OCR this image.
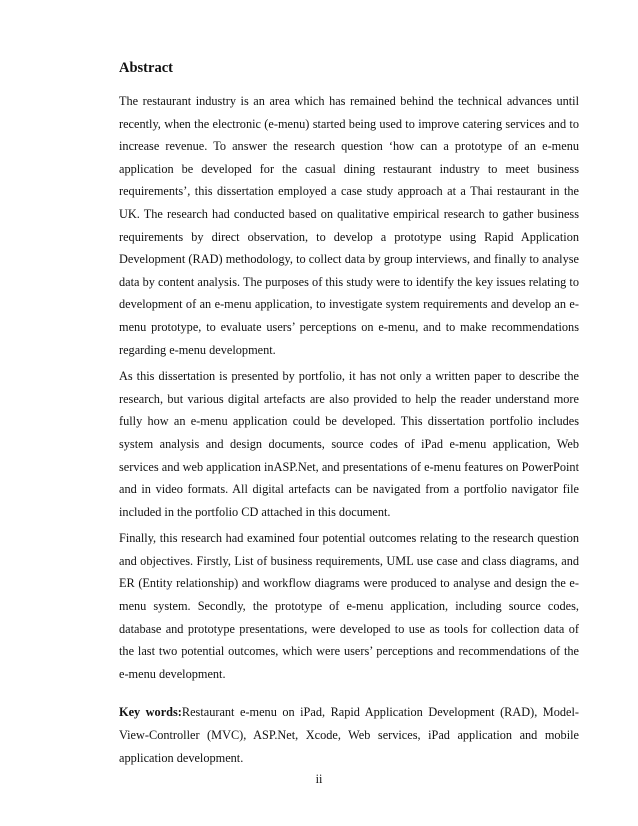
Abstract

The restaurant industry is an area which has remained behind the technical advances until recently, when the electronic (e-menu) started being used to improve catering services and to increase revenue. To answer the research question ‘how can a prototype of an e-menu application be developed for the casual dining restaurant industry to meet business requirements’, this dissertation employed a case study approach at a Thai restaurant in the UK. The research had conducted based on qualitative empirical research to gather business requirements by direct observation, to develop a prototype using Rapid Application Development (RAD) methodology, to collect data by group interviews, and finally to analyse data by content analysis. The purposes of this study were to identify the key issues relating to development of an e-menu application, to investigate system requirements and develop an e-menu prototype, to evaluate users’ perceptions on e-menu, and to make recommendations regarding e-menu development.

As this dissertation is presented by portfolio, it has not only a written paper to describe the research, but various digital artefacts are also provided to help the reader understand more fully how an e-menu application could be developed. This dissertation portfolio includes system analysis and design documents, source codes of iPad e-menu application, Web services and web application inASP.Net, and presentations of e-menu features on PowerPoint and in video formats. All digital artefacts can be navigated from a portfolio navigator file included in the portfolio CD attached in this document.

Finally, this research had examined four potential outcomes relating to the research question and objectives. Firstly, List of business requirements, UML use case and class diagrams, and ER (Entity relationship) and workflow diagrams were produced to analyse and design the e-menu system. Secondly, the prototype of e-menu application, including source codes, database and prototype presentations, were developed to use as tools for collection data of the last two potential outcomes, which were users’ perceptions and recommendations of the e-menu development.

Key words:Restaurant e-menu on iPad, Rapid Application Development (RAD), Model-View-Controller (MVC), ASP.Net, Xcode, Web services, iPad application and mobile application development.

ii
